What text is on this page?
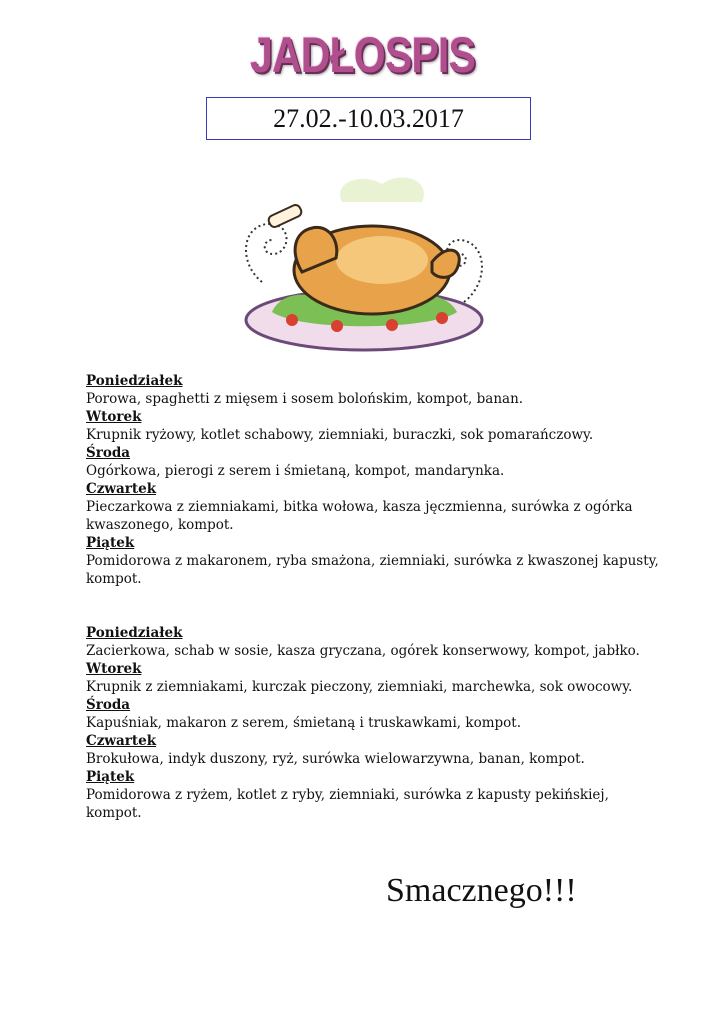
JADŁOSPIS
27.02.-10.03.2017
Poniedziałek
Porowa, spaghetti z mięsem i sosem bolońskim, kompot, banan.
Wtorek
Krupnik ryżowy, kotlet schabowy, ziemniaki, buraczki, sok pomarańczowy.
Środa
Ogórkowa, pierogi z serem i śmietaną, kompot, mandarynka.
Czwartek
Pieczarkowa z ziemniakami, bitka wołowa, kasza jęczmienna, surówka z ogórka kwaszonego, kompot.
Piątek
Pomidorowa z makaronem, ryba smażona, ziemniaki, surówka z kwaszonej kapusty, kompot.
Poniedziałek
Zacierkowa, schab w sosie, kasza gryczana, ogórek konserwowy, kompot, jabłko.
Wtorek
Krupnik z ziemniakami, kurczak pieczony, ziemniaki, marchewka, sok owocowy.
Środa
Kapuśniak, makaron z serem, śmietaną i truskawkami, kompot.
Czwartek
Brokułowa, indyk duszony, ryż, surówka wielowarzywna, banan, kompot.
Piątek
Pomidorowa z ryżem, kotlet z ryby, ziemniaki, surówka z kapusty pekińskiej, kompot.
Smacznego!!!
